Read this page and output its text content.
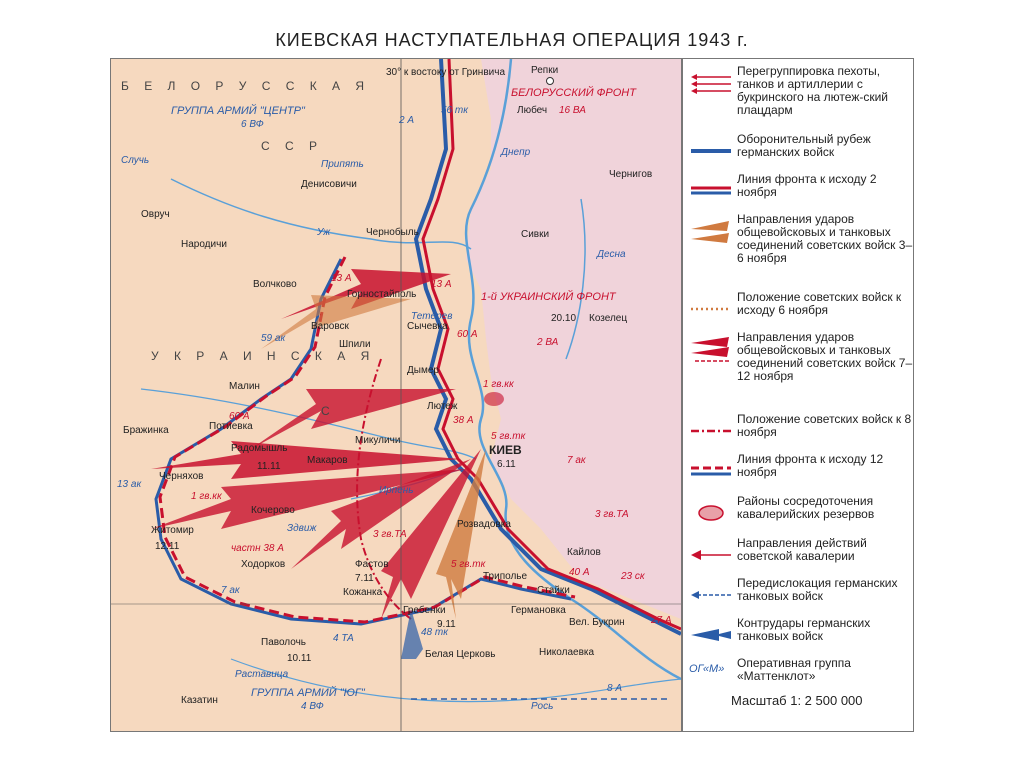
КИЕВСКАЯ НАСТУПАТЕЛЬНАЯ ОПЕРАЦИЯ 1943 г.
Б Е Л О Р У С С К А Я
С С Р
У К Р А И Н С К А Я
С
БЕЛОРУССКИЙ ФРОНТ
1-й УКРАИНСКИЙ ФРОНТ
ГРУППА АРМИЙ "ЦЕНТР"
ГРУППА АРМИЙ "ЮГ"
30° к востоку от Гринвича	Репки
Любеч
Чернигов
Денисовичи
Овруч
Чернобыль	Сивки
Народичи
Волчково
Горностайполь
Козелец
Варовск	Сычевка
Шпили
Дымер
Малин
Лютеж
Бражинка	Потиевка
Радомышль
Микуличи
Макаров
КИЕВ
Черняхов
Кочерово
Житомир
Розвадовка
Кайлов
Ходорков	Фастов
Триполье
Стайки
Кожанка
Гребенки	Германовка
Вел. Букрин
Паволочь
Белая Церковь	Николаевка
Казатин
16 ВА
13 А
60 А
2 ВА
1 гв.кк
38 А
5 гв.тк
7 ак
3 гв.ТА
40 А
27 А
23 ск
3 гв.ТА
5 гв.тк
частн 38 А
1 гв.кк
60 А
13 А
6 ВФ	2 А
56 тк
59 ак
13 ак
7 ак
4 ТА
48 тк
8 А
4 ВФ
20.10
9.11
7.11
10.11
11.11
12.11
6.11
Днепр
Припять
Десна
Уж
Тетерев
Ирпень
Здвиж
Рось
Раставица
Случь
Перегруппировка пехоты, танков и артиллерии с букринского на лютеж-ский плацдарм
Оборонительный рубеж германских войск
Линия фронта к исходу 2 ноября
Направления ударов общевойсковых и танковых соединений советских войск 3–6 ноября
Положение советских войск к исходу 6 ноября
Направления ударов общевойсковых и танковых соединений советских войск 7–12 ноября
Положение советских войск к 8 ноября
Линия фронта к исходу 12 ноября
Районы сосредоточения кавалерийских резервов
Направления действий советской кавалерии
Передислокация германских танковых войск
Контрудары германских танковых войск
ОГ«М»	Оперативная группа «Маттенклот»
Масштаб 1: 2 500 000
